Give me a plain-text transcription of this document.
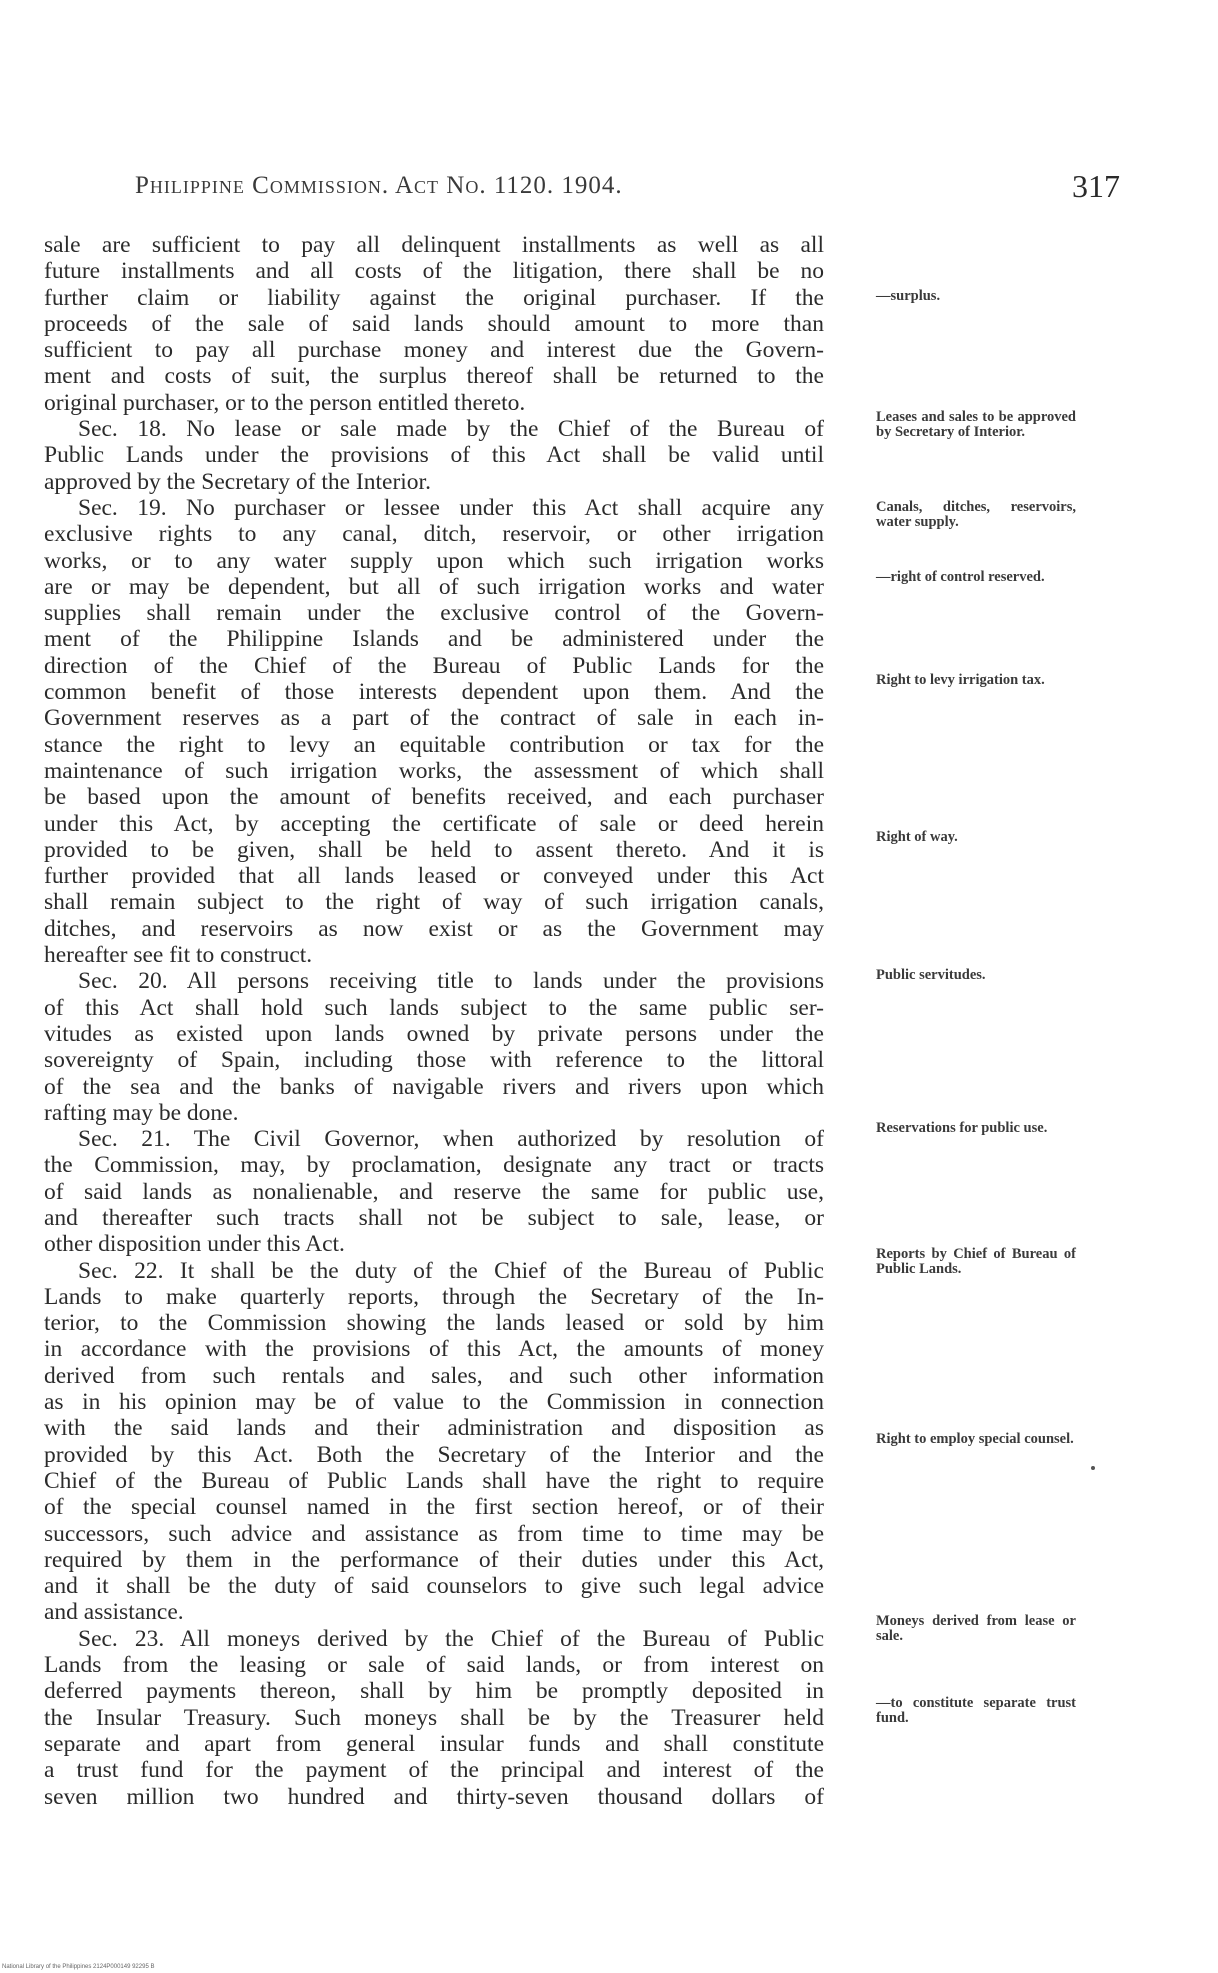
Philippine Commission. Act No. 1120. 1904.	317
sale are sufficient to pay all delinquent installments as well as all
future installments and all costs of the litigation, there shall be no
further claim or liability against the original purchaser. If the
proceeds of the sale of said lands should amount to more than
sufficient to pay all purchase money and interest due the Govern-
ment and costs of suit, the surplus thereof shall be returned to the
original purchaser, or to the person entitled thereto.
Sec. 18. No lease or sale made by the Chief of the Bureau of
Public Lands under the provisions of this Act shall be valid until
approved by the Secretary of the Interior.
Sec. 19. No purchaser or lessee under this Act shall acquire any
exclusive rights to any canal, ditch, reservoir, or other irrigation
works, or to any water supply upon which such irrigation works
are or may be dependent, but all of such irrigation works and water
supplies shall remain under the exclusive control of the Govern-
ment of the Philippine Islands and be administered under the
direction of the Chief of the Bureau of Public Lands for the
common benefit of those interests dependent upon them. And the
Government reserves as a part of the contract of sale in each in-
stance the right to levy an equitable contribution or tax for the
maintenance of such irrigation works, the assessment of which shall
be based upon the amount of benefits received, and each purchaser
under this Act, by accepting the certificate of sale or deed herein
provided to be given, shall be held to assent thereto. And it is
further provided that all lands leased or conveyed under this Act
shall remain subject to the right of way of such irrigation canals,
ditches, and reservoirs as now exist or as the Government may
hereafter see fit to construct.
Sec. 20. All persons receiving title to lands under the provisions
of this Act shall hold such lands subject to the same public ser-
vitudes as existed upon lands owned by private persons under the
sovereignty of Spain, including those with reference to the littoral
of the sea and the banks of navigable rivers and rivers upon which
rafting may be done.
Sec. 21. The Civil Governor, when authorized by resolution of
the Commission, may, by proclamation, designate any tract or tracts
of said lands as nonalienable, and reserve the same for public use,
and thereafter such tracts shall not be subject to sale, lease, or
other disposition under this Act.
Sec. 22. It shall be the duty of the Chief of the Bureau of Public
Lands to make quarterly reports, through the Secretary of the In-
terior, to the Commission showing the lands leased or sold by him
in accordance with the provisions of this Act, the amounts of money
derived from such rentals and sales, and such other information
as in his opinion may be of value to the Commission in connection
with the said lands and their administration and disposition as
provided by this Act. Both the Secretary of the Interior and the
Chief of the Bureau of Public Lands shall have the right to require
of the special counsel named in the first section hereof, or of their
successors, such advice and assistance as from time to time may be
required by them in the performance of their duties under this Act,
and it shall be the duty of said counselors to give such legal advice
and assistance.
Sec. 23. All moneys derived by the Chief of the Bureau of Public
Lands from the leasing or sale of said lands, or from interest on
deferred payments thereon, shall by him be promptly deposited in
the Insular Treasury. Such moneys shall be by the Treasurer held
separate and apart from general insular funds and shall constitute
a trust fund for the payment of the principal and interest of the
seven million two hundred and thirty-seven thousand dollars of
—surplus.
Leases and sales to be approved by Secretary of Interior.
Canals, ditches, reservoirs, water supply.
—right of control reserved.
Right to levy irrigation tax.
Right of way.
Public servitudes.
Reservations for public use.
Reports by Chief of Bureau of Public Lands.
Right to employ special counsel.
Moneys derived from lease or sale.
—to constitute separate trust fund.
National Library of the Philippines 2124P000149 92295 B
